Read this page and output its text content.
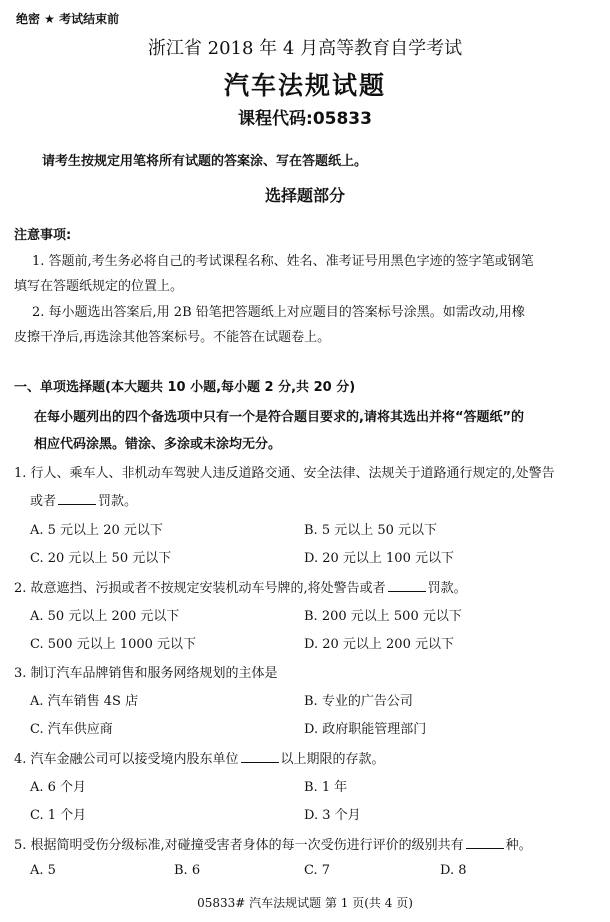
绝密 ★ 考试结束前
浙江省 2018 年 4 月高等教育自学考试
汽车法规试题
课程代码:05833
请考生按规定用笔将所有试题的答案涂、写在答题纸上。
选择题部分
注意事项:
1. 答题前,考生务必将自己的考试课程名称、姓名、准考证号用黑色字迹的签字笔或钢笔
填写在答题纸规定的位置上。
2. 每小题选出答案后,用 2B 铅笔把答题纸上对应题目的答案标号涂黑。如需改动,用橡
皮擦干净后,再选涂其他答案标号。不能答在试题卷上。
一、单项选择题(本大题共 10 小题,每小题 2 分,共 20 分)
在每小题列出的四个备选项中只有一个是符合题目要求的,请将其选出并将“答题纸”的
相应代码涂黑。错涂、多涂或未涂均无分。
1. 行人、乘车人、非机动车驾驶人违反道路交通、安全法律、法规关于道路通行规定的,处警告
或者	罚款。
A. 5 元以上 20 元以下	B. 5 元以上 50 元以下
C. 20 元以上 50 元以下	D. 20 元以上 100 元以下
2. 故意遮挡、污损或者不按规定安装机动车号牌的,将处警告或者	罚款。
A. 50 元以上 200 元以下	B. 200 元以上 500 元以下
C. 500 元以上 1000 元以下	D. 20 元以上 200 元以下
3. 制订汽车品牌销售和服务网络规划的主体是
A. 汽车销售 4S 店	B. 专业的广告公司
C. 汽车供应商	D. 政府职能管理部门
4. 汽车金融公司可以接受境内股东单位	以上期限的存款。
A. 6 个月	B. 1 年
C. 1 个月	D. 3 个月
5. 根据简明受伤分级标准,对碰撞受害者身体的每一次受伤进行评价的级别共有	种。
A. 5	B. 6	C. 7	D. 8
05833# 汽车法规试题 第 1 页(共 4 页)
